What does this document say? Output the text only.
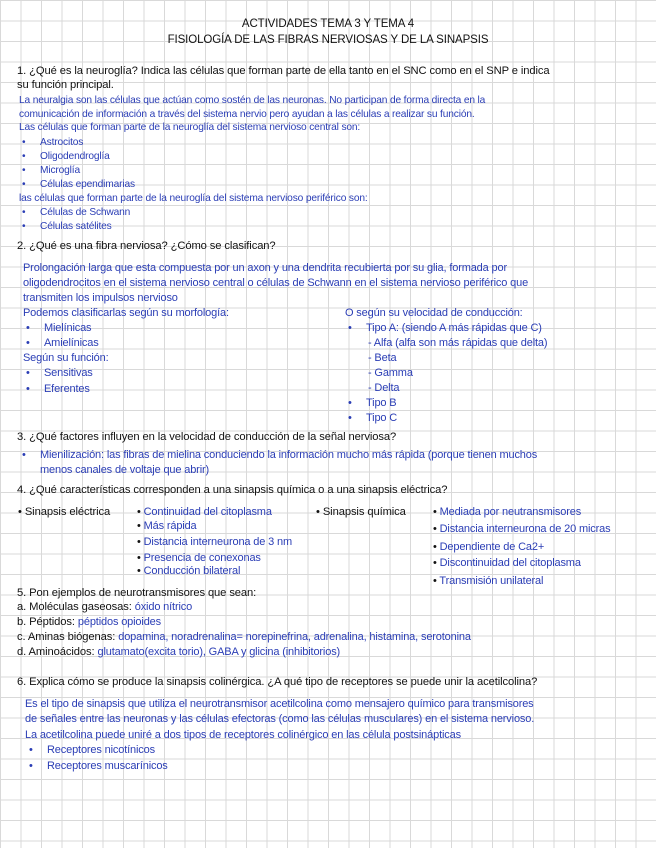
ACTIVIDADES TEMA 3 Y TEMA 4
FISIOLOGÍA DE LAS FIBRAS NERVIOSAS Y DE LA SINAPSIS
1. ¿Qué es la neuroglía? Indica las células que forman parte de ella tanto en el SNC como en el SNP e indica
su función principal.
La neuralgia son las células que actúan como sostén de las neuronas. No participan de forma directa en la
comunicación de información a través del sistema nervio pero ayudan a las células a realizar su función.
Las células que forman parte de la neuroglía del sistema nervioso central son:
• Astrocitos
• Oligodendroglía
• Microglía
• Células ependimarias
las células que forman parte de la neuroglía del sistema nervioso periférico son:
• Células de Schwann
• Células satélites
2. ¿Qué es una fibra nerviosa? ¿Cómo se clasifican?
Prolongación larga que esta compuesta por un axon y una dendrita recubierta por su glia, formada por
oligodendrocitos en el sistema nervioso central o células de Schwann en el sistema nervioso periférico que
transmiten los impulsos nervioso
Podemos clasificarlas según su morfología:
• Mielínicas
• Amielínicas
Según su función:
• Sensitivas
• Eferentes
O según su velocidad de conducción:
• Tipo A: (siendo A más rápidas que C)
- Alfa (alfa son más rápidas que delta)
- Beta
- Gamma
- Delta
• Tipo B
• Tipo C
3. ¿Qué factores influyen en la velocidad de conducción de la señal nerviosa?
• Mienilización: las fibras de mielina conduciendo la información mucho más rápida (porque tienen muchos
menos canales de voltaje que abrir)
4. ¿Qué características corresponden a una sinapsis química o a una sinapsis eléctrica?
• Sinapsis eléctrica • Continuidad del citoplasma
• Más rápida
• Distancia interneurona de 3 nm
• Presencia de conexonas
• Conducción bilateral
• Sinapsis química • Mediada por neutransmisores
• Distancia interneurona de 20 micras
• Dependiente de Ca2+
• Discontinuidad del citoplasma
• Transmisión unilateral
5. Pon ejemplos de neurotransmisores que sean:
a. Moléculas gaseosas: óxido nítrico
b. Péptidos: péptidos opioides
c. Aminas biógenas: dopamina, noradrenalina= norepinefrina, adrenalina, histamina, serotonina
d. Aminoácidos: glutamato(excita torio), GABA y glicina (inhibitorios)
6. Explica cómo se produce la sinapsis colinérgica. ¿A qué tipo de receptores se puede unir la acetilcolina?
Es el tipo de sinapsis que utiliza el neurotransmisor acetilcolina como mensajero químico para transmisores
de señales entre las neuronas y las células efectoras (como las células musculares) en el sistema nervioso.
La acetilcolina puede uniré a dos tipos de receptores colinérgico en las célula postsinápticas
• Receptores nicotínicos
• Receptores muscarínicos
